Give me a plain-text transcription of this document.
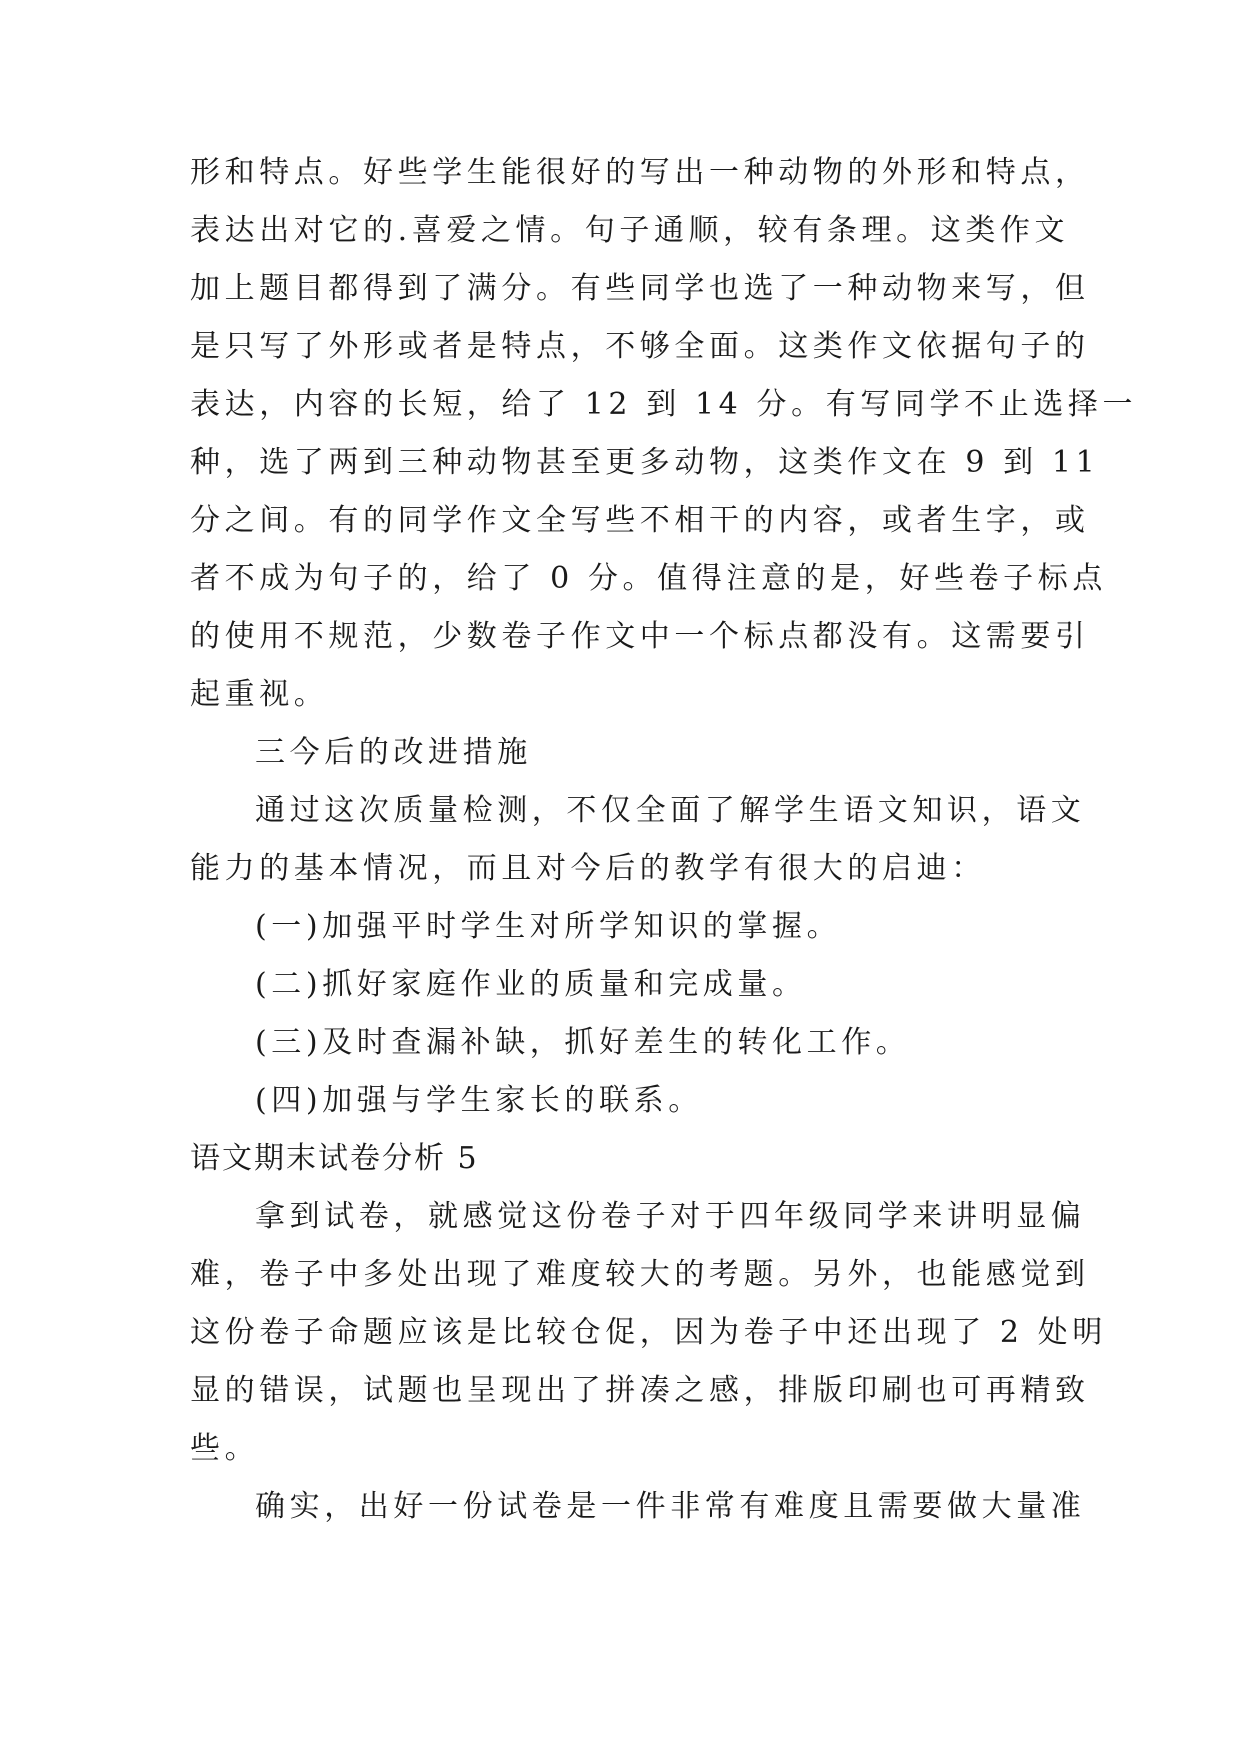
形和特点。好些学生能很好的写出一种动物的外形和特点，
表达出对它的.喜爱之情。句子通顺，较有条理。这类作文
加上题目都得到了满分。有些同学也选了一种动物来写，但
是只写了外形或者是特点，不够全面。这类作文依据句子的
表达，内容的长短，给了 12 到 14 分。有写同学不止选择一
种，选了两到三种动物甚至更多动物，这类作文在 9 到 11
分之间。有的同学作文全写些不相干的内容，或者生字，或
者不成为句子的，给了 0 分。值得注意的是，好些卷子标点
的使用不规范，少数卷子作文中一个标点都没有。这需要引
起重视。
三今后的改进措施
通过这次质量检测，不仅全面了解学生语文知识，语文
能力的基本情况，而且对今后的教学有很大的启迪：
(一)加强平时学生对所学知识的掌握。
(二)抓好家庭作业的质量和完成量。
(三)及时查漏补缺，抓好差生的转化工作。
(四)加强与学生家长的联系。
语文期末试卷分析 5
拿到试卷，就感觉这份卷子对于四年级同学来讲明显偏
难，卷子中多处出现了难度较大的考题。另外，也能感觉到
这份卷子命题应该是比较仓促，因为卷子中还出现了 2 处明
显的错误，试题也呈现出了拼凑之感，排版印刷也可再精致
些。
确实，出好一份试卷是一件非常有难度且需要做大量准
